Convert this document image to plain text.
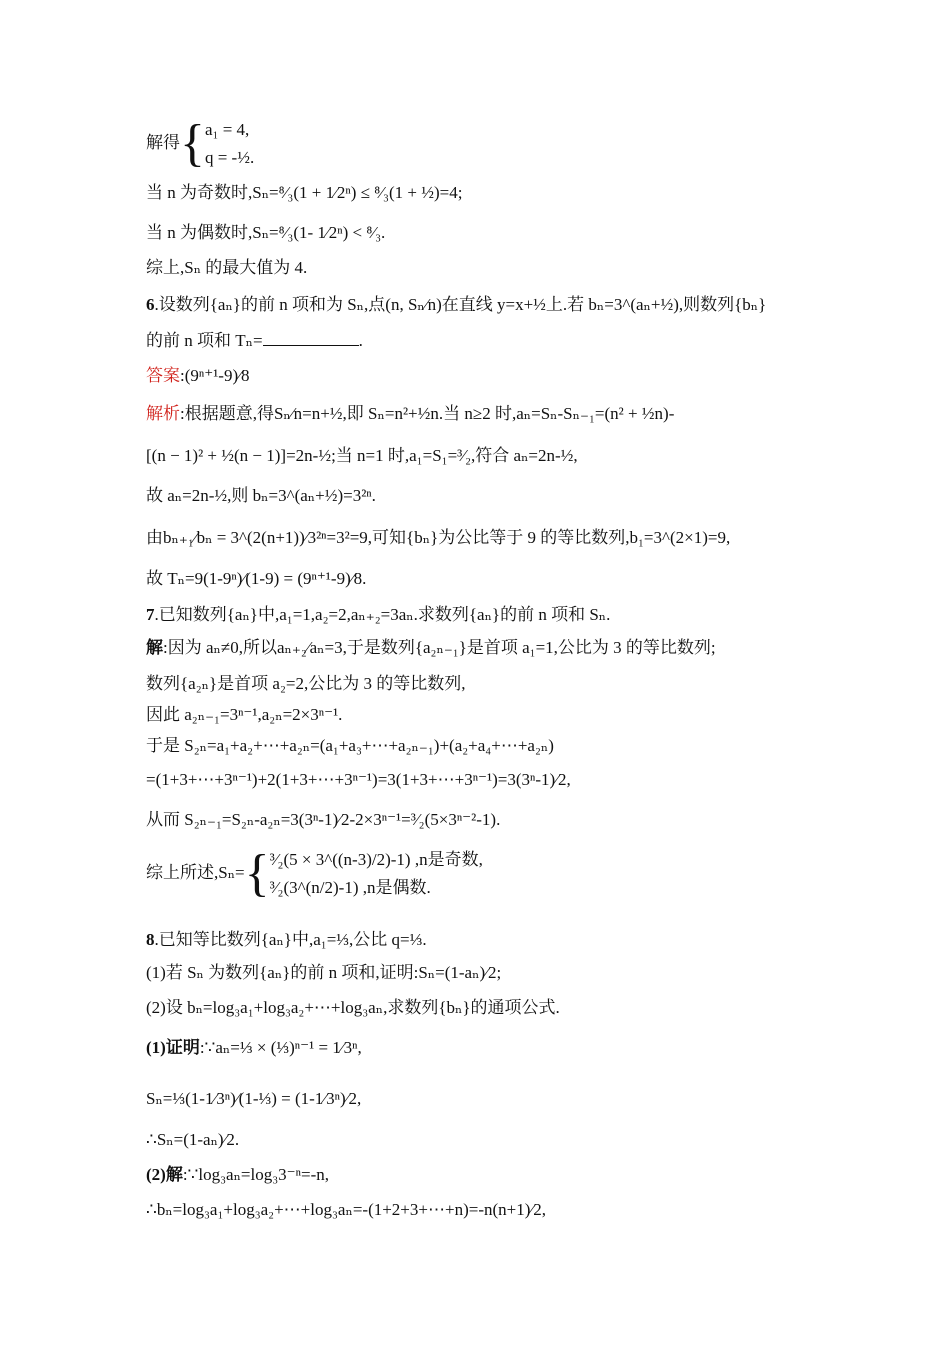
解得{a₁ = 4,
q = -½.
当 n 为奇数时,Sₙ=⁸⁄₃(1 + 1⁄2ⁿ) ≤ ⁸⁄₃(1 + ½)=4;
当 n 为偶数时,Sₙ=⁸⁄₃(1- 1⁄2ⁿ) < ⁸⁄₃.
综上,Sₙ 的最大值为 4.
6.设数列{aₙ}的前 n 项和为 Sₙ,点(n, Sₙ⁄n)在直线 y=x+½上.若 bₙ=3^(aₙ+½),则数列{bₙ}
的前 n 项和 Tₙ=	.
答案:(9ⁿ⁺¹-9)⁄8
解析:根据题意,得Sₙ⁄n=n+½,即 Sₙ=n²+½n.当 n≥2 时,aₙ=Sₙ-Sₙ₋₁=(n² + ½n)-
[(n − 1)² + ½(n − 1)]=2n-½;当 n=1 时,a₁=S₁=³⁄₂,符合 aₙ=2n-½,
故 aₙ=2n-½,则 bₙ=3^(aₙ+½)=3²ⁿ.
由bₙ₊₁⁄bₙ = 3^(2(n+1))⁄3²ⁿ=3²=9,可知{bₙ}为公比等于 9 的等比数列,b₁=3^(2×1)=9,
故 Tₙ=9(1-9ⁿ)⁄(1-9) = (9ⁿ⁺¹-9)⁄8.
7.已知数列{aₙ}中,a₁=1,a₂=2,aₙ₊₂=3aₙ.求数列{aₙ}的前 n 项和 Sₙ.
解:因为 aₙ≠0,所以aₙ₊₂⁄aₙ=3,于是数列{a₂ₙ₋₁}是首项 a₁=1,公比为 3 的等比数列;
数列{a₂ₙ}是首项 a₂=2,公比为 3 的等比数列,
因此 a₂ₙ₋₁=3ⁿ⁻¹,a₂ₙ=2×3ⁿ⁻¹.
于是 S₂ₙ=a₁+a₂+⋯+a₂ₙ=(a₁+a₃+⋯+a₂ₙ₋₁)+(a₂+a₄+⋯+a₂ₙ)
=(1+3+⋯+3ⁿ⁻¹)+2(1+3+⋯+3ⁿ⁻¹)=3(1+3+⋯+3ⁿ⁻¹)=3(3ⁿ-1)⁄2,
从而 S₂ₙ₋₁=S₂ₙ-a₂ₙ=3(3ⁿ-1)⁄2-2×3ⁿ⁻¹=³⁄₂(5×3ⁿ⁻²-1).
综上所述,Sₙ={³⁄₂(5 × 3^((n-3)/2)-1) ,n是奇数,
³⁄₂(3^(n/2)-1) ,n是偶数.
8.已知等比数列{aₙ}中,a₁=⅓,公比 q=⅓.
(1)若 Sₙ 为数列{aₙ}的前 n 项和,证明:Sₙ=(1-aₙ)⁄2;
(2)设 bₙ=log₃a₁+log₃a₂+⋯+log₃aₙ,求数列{bₙ}的通项公式.
(1)证明:∵aₙ=⅓ × (⅓)ⁿ⁻¹ = 1⁄3ⁿ,
Sₙ=⅓(1-1⁄3ⁿ)⁄(1-⅓) = (1-1⁄3ⁿ)⁄2,
∴Sₙ=(1-aₙ)⁄2.
(2)解:∵log₃aₙ=log₃3⁻ⁿ=-n,
∴bₙ=log₃a₁+log₃a₂+⋯+log₃aₙ=-(1+2+3+⋯+n)=-n(n+1)⁄2,
